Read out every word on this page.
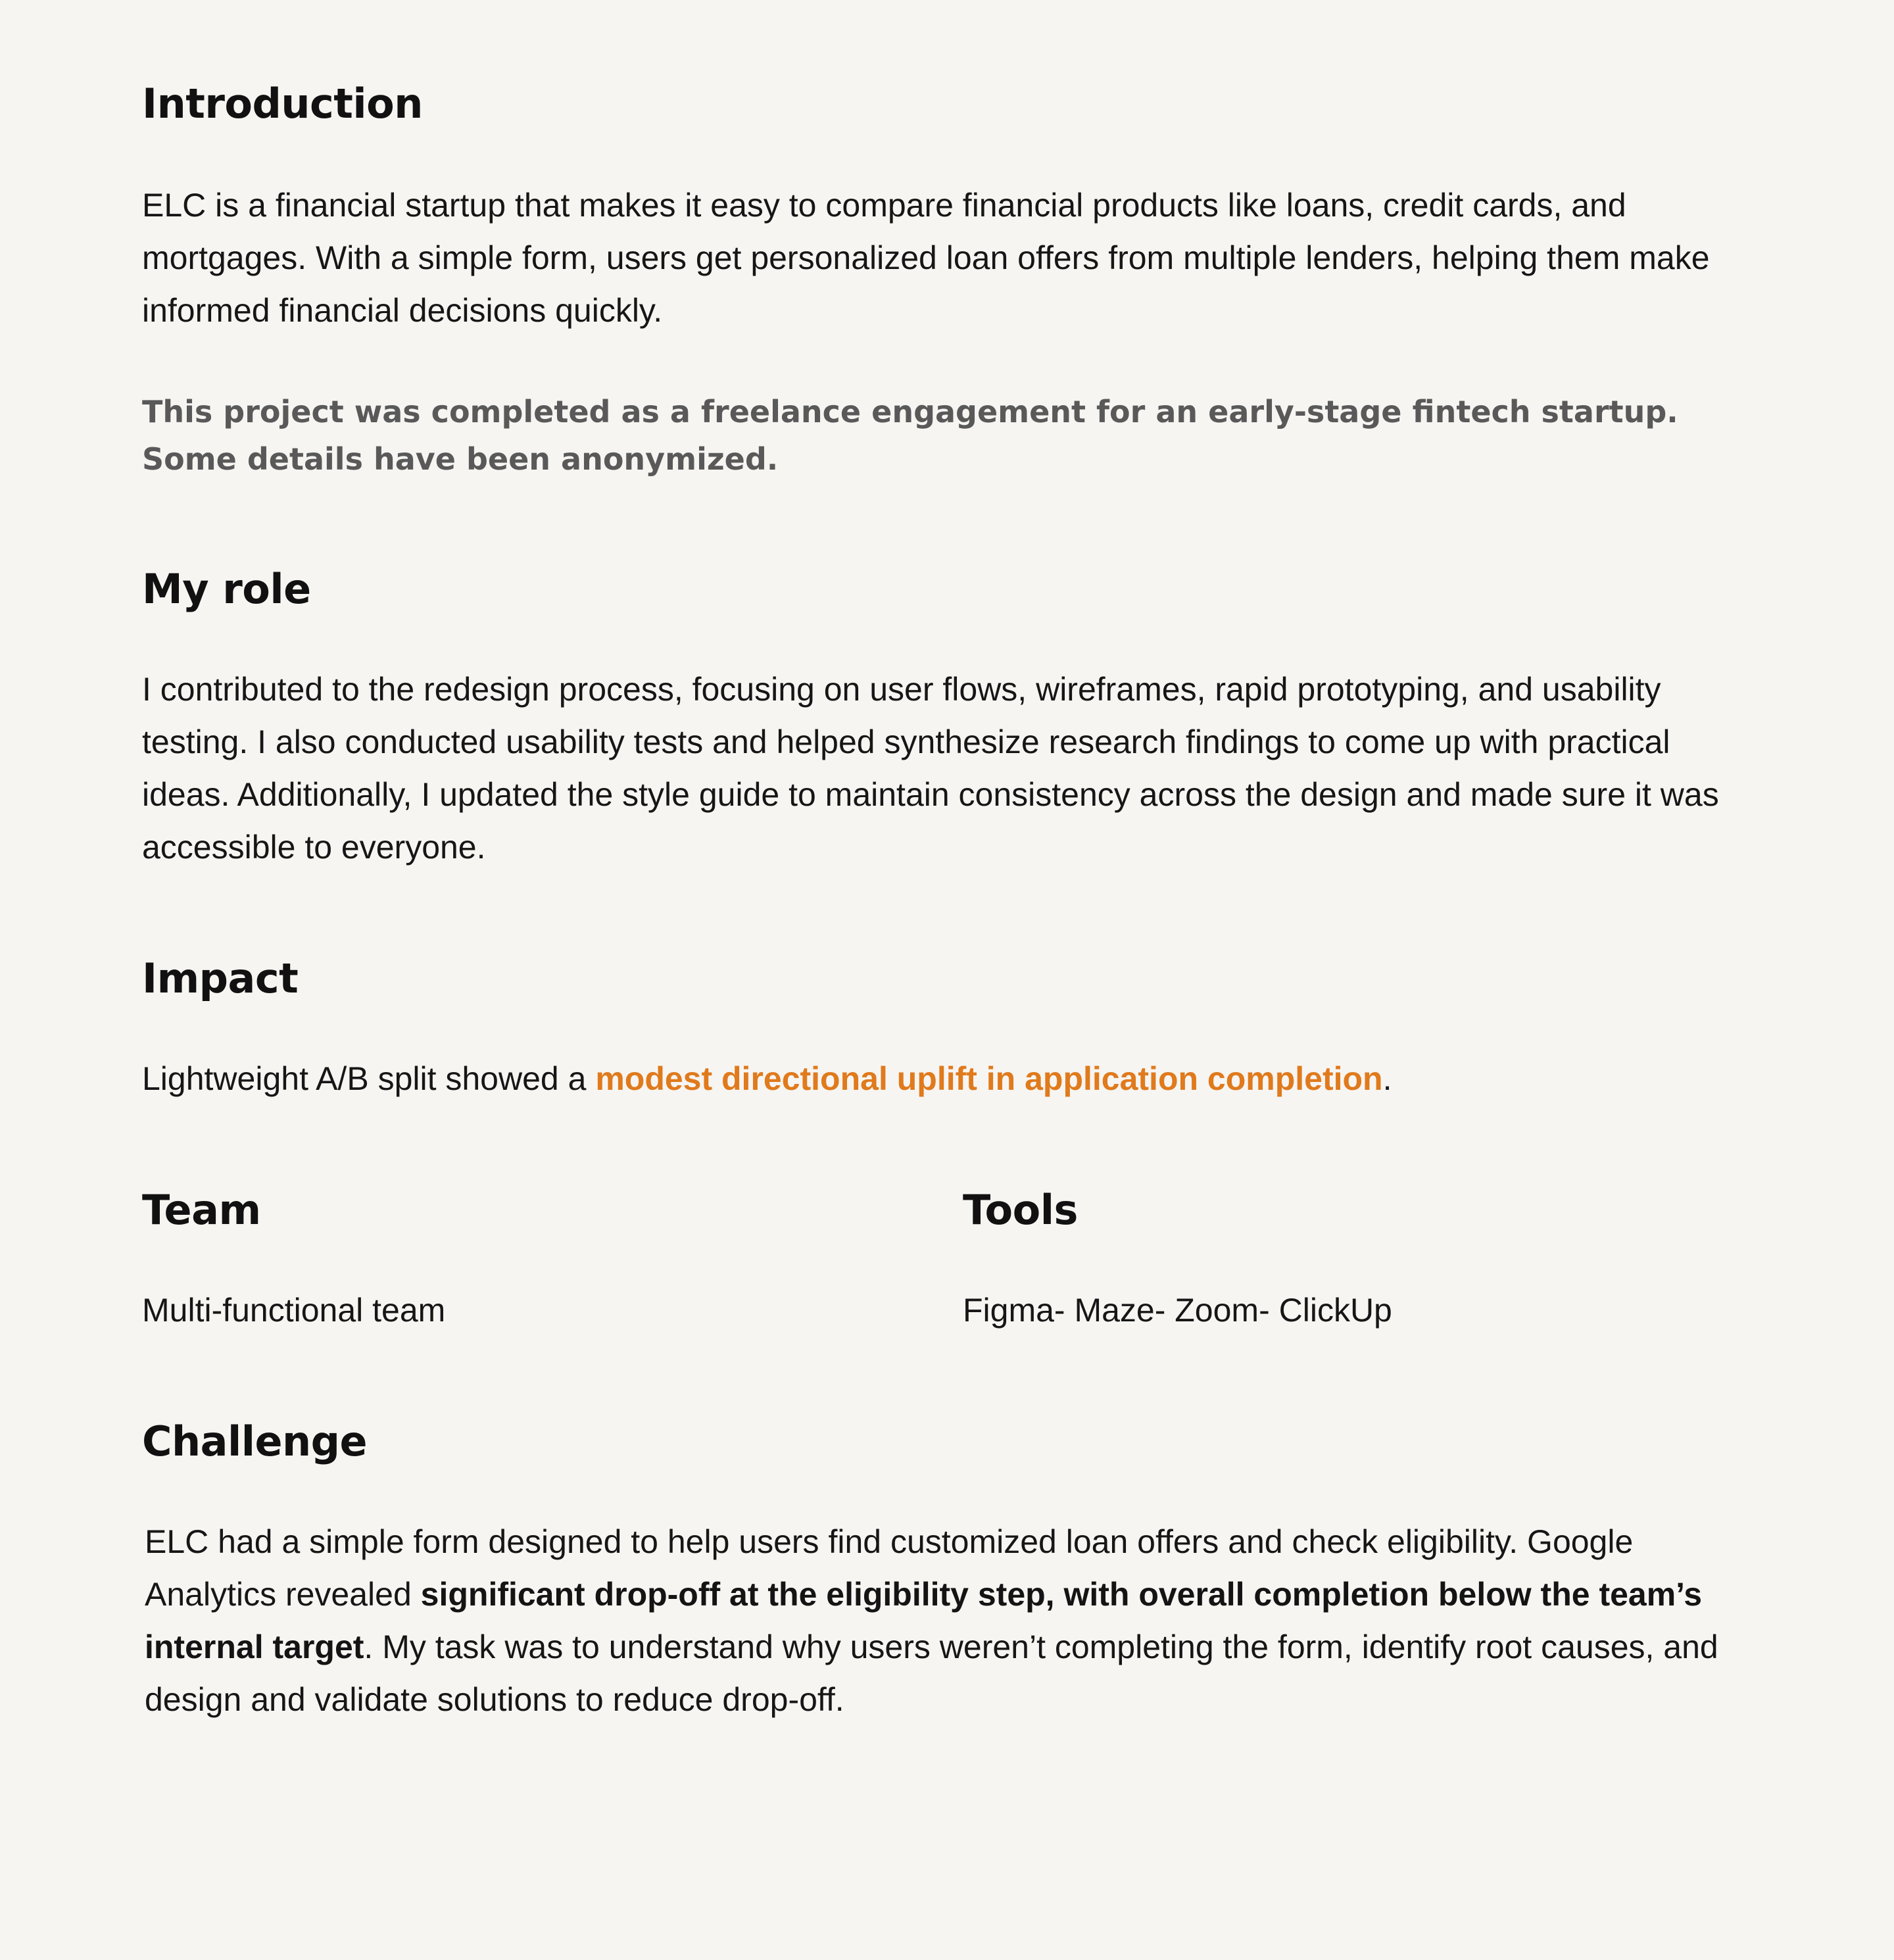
Introduction

ELC is a financial startup that makes it easy to compare financial products like loans, credit cards, and mortgages. With a simple form, users get personalized loan offers from multiple lenders, helping them make informed financial decisions quickly.

This project was completed as a freelance engagement for an early-stage fintech startup. Some details have been anonymized.

My role

I contributed to the redesign process, focusing on user flows, wireframes, rapid prototyping, and usability testing. I also conducted usability tests and helped synthesize research findings to come up with practical ideas. Additionally, I updated the style guide to maintain consistency across the design and made sure it was accessible to everyone.

Impact

Lightweight A/B split showed a modest directional uplift in application completion.

Team

Multi-functional team

Tools

Figma- Maze- Zoom- ClickUp

Challenge

ELC had a simple form designed to help users find customized loan offers and check eligibility. Google Analytics revealed significant drop-off at the eligibility step, with overall completion below the team’s internal target. My task was to understand why users weren’t completing the form, identify root causes, and design and validate solutions to reduce drop-off.
